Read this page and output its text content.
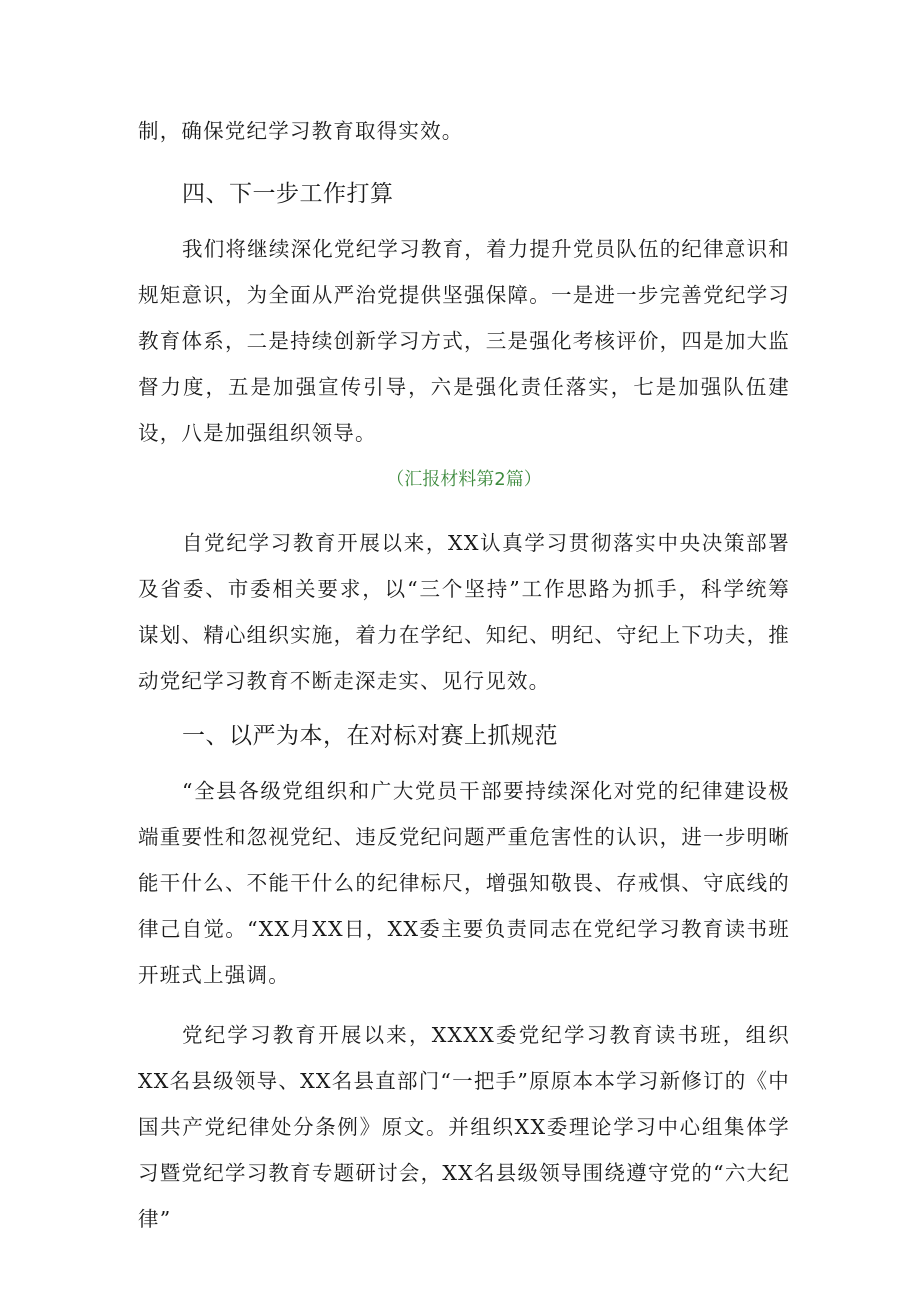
制，确保党纪学习教育取得实效。

四、下一步工作打算

我们将继续深化党纪学习教育，着力提升党员队伍的纪律意识和规矩意识，为全面从严治党提供坚强保障。一是进一步完善党纪学习教育体系，二是持续创新学习方式，三是强化考核评价，四是加大监督力度，五是加强宣传引导，六是强化责任落实，七是加强队伍建设，八是加强组织领导。

（汇报材料第2篇）

自党纪学习教育开展以来，XX认真学习贯彻落实中央决策部署及省委、市委相关要求，以“三个坚持”工作思路为抓手，科学统筹谋划、精心组织实施，着力在学纪、知纪、明纪、守纪上下功夫，推动党纪学习教育不断走深走实、见行见效。

一、以严为本，在对标对赛上抓规范

“全县各级党组织和广大党员干部要持续深化对党的纪律建设极端重要性和忽视党纪、违反党纪问题严重危害性的认识，进一步明晰能干什么、不能干什么的纪律标尺，增强知敬畏、存戒惧、守底线的律己自觉。“XX月XX日，XX委主要负责同志在党纪学习教育读书班开班式上强调。

党纪学习教育开展以来，XXXX委党纪学习教育读书班，组织XX名县级领导、XX名县直部门“一把手”原原本本学习新修订的《中国共产党纪律处分条例》原文。并组织XX委理论学习中心组集体学习暨党纪学习教育专题研讨会，XX名县级领导围绕遵守党的“六大纪律”
